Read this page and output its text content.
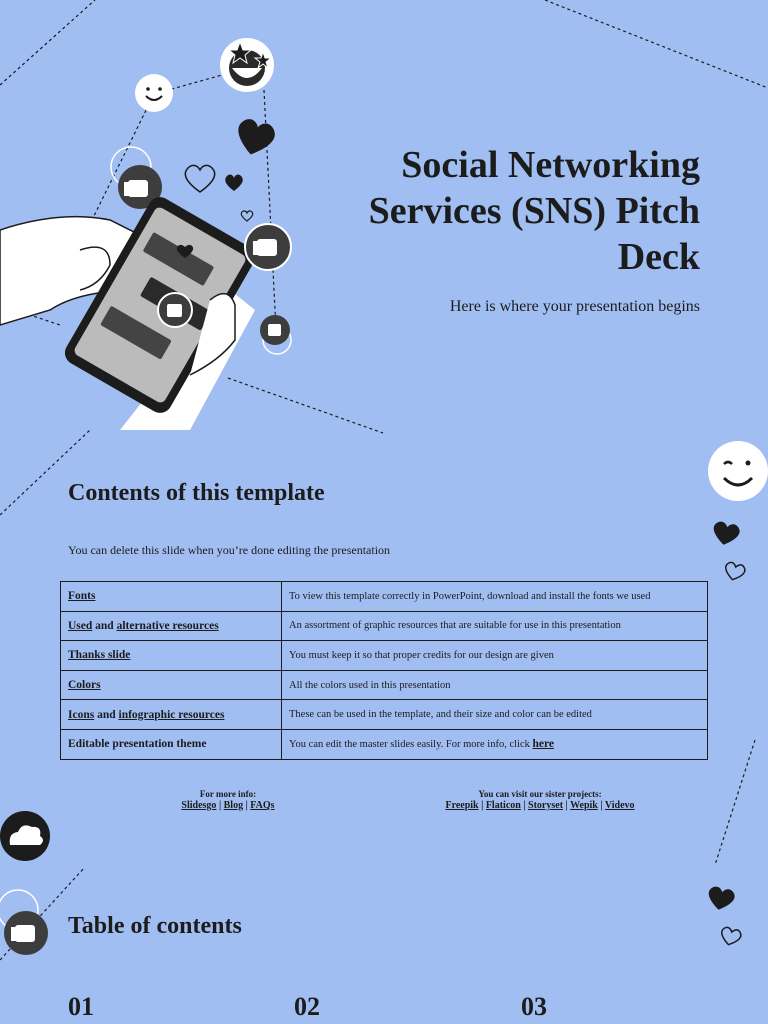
Social Networking
Services (SNS) Pitch
Deck
Here is where your presentation begins
Contents of this template
You can delete this slide when you’re done editing the presentation
Fonts	To view this template correctly in PowerPoint, download and install the fonts we used
Used and alternative resources	An assortment of graphic resources that are suitable for use in this presentation
Thanks slide	You must keep it so that proper credits for our design are given
Colors	All the colors used in this presentation
Icons and infographic resources	These can be used in the template, and their size and color can be edited
Editable presentation theme	You can edit the master slides easily. For more info, click here
For more info:
Slidesgo | Blog | FAQs
You can visit our sister projects:
Freepik | Flaticon | Storyset | Wepik | Videvo
Table of contents
01	02	03
